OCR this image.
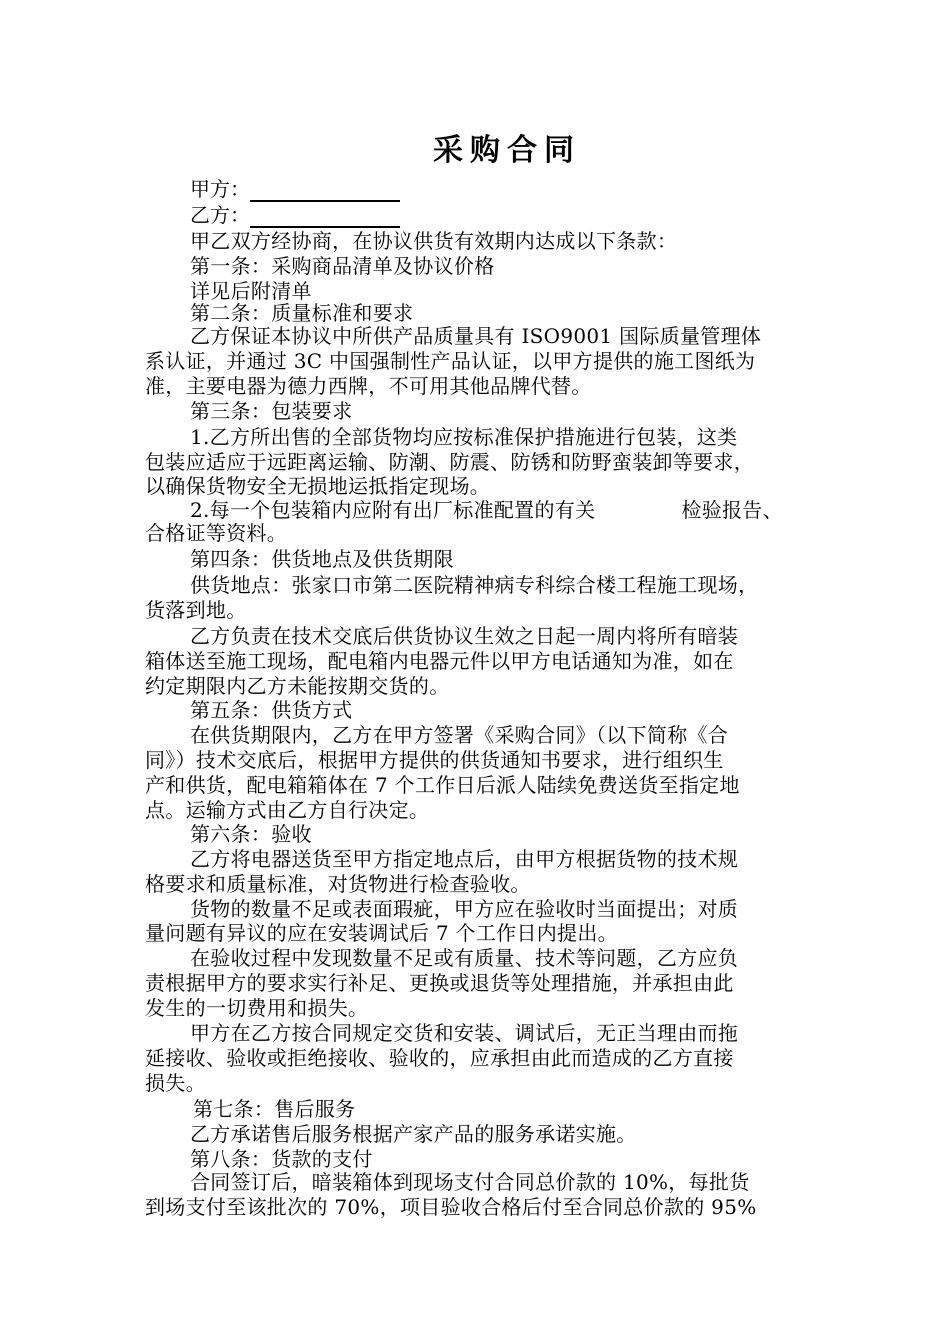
采购合同
甲方：
乙方：
甲乙双方经协商，在协议供货有效期内达成以下条款：
第一条：采购商品清单及协议价格
详见后附清单
第二条：质量标准和要求
乙方保证本协议中所供产品质量具有 ISO9001 国际质量管理体
系认证，并通过 3C 中国强制性产品认证，以甲方提供的施工图纸为
准，主要电器为德力西牌，不可用其他品牌代替。
第三条：包装要求
1.乙方所出售的全部货物均应按标准保护措施进行包装，这类
包装应适应于远距离运输、防潮、防震、防锈和防野蛮装卸等要求，
以确保货物安全无损地运抵指定现场。
2.每一个包装箱内应附有出厂标准配置的有关	检验报告、
合格证等资料。
第四条：供货地点及供货期限
供货地点：张家口市第二医院精神病专科综合楼工程施工现场，
货落到地。
乙方负责在技术交底后供货协议生效之日起一周内将所有暗装
箱体送至施工现场，配电箱内电器元件以甲方电话通知为准，如在
约定期限内乙方未能按期交货的。
第五条：供货方式
在供货期限内，乙方在甲方签署《采购合同》（以下简称《合
同》）技术交底后，根据甲方提供的供货通知书要求，进行组织生
产和供货，配电箱箱体在 7 个工作日后派人陆续免费送货至指定地
点。运输方式由乙方自行决定。
第六条：验收
乙方将电器送货至甲方指定地点后，由甲方根据货物的技术规
格要求和质量标准，对货物进行检查验收。
货物的数量不足或表面瑕疵，甲方应在验收时当面提出；对质
量问题有异议的应在安装调试后 7 个工作日内提出。
在验收过程中发现数量不足或有质量、技术等问题，乙方应负
责根据甲方的要求实行补足、更换或退货等处理措施，并承担由此
发生的一切费用和损失。
甲方在乙方按合同规定交货和安装、调试后，无正当理由而拖
延接收、验收或拒绝接收、验收的，应承担由此而造成的乙方直接
损失。
第七条：售后服务
乙方承诺售后服务根据产家产品的服务承诺实施。
第八条：货款的支付
合同签订后，暗装箱体到现场支付合同总价款的 10%，每批货
到场支付至该批次的 70%，项目验收合格后付至合同总价款的 95%
